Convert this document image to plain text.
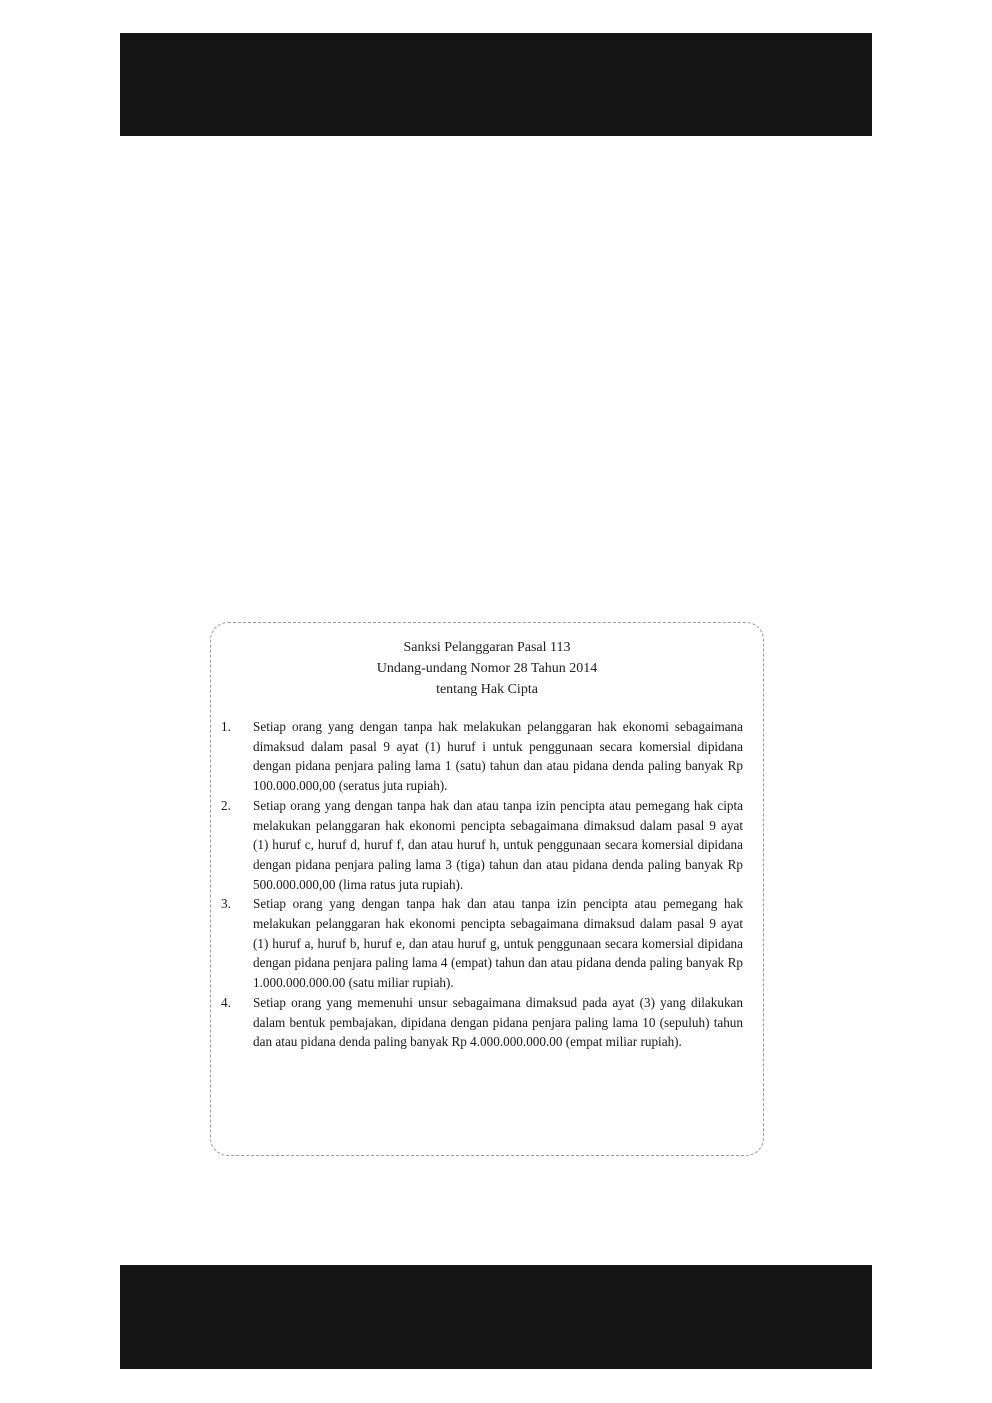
Sanksi Pelanggaran Pasal 113
Undang-undang Nomor 28 Tahun 2014
tentang Hak Cipta
1.	Setiap orang yang dengan tanpa hak melakukan pelanggaran hak ekonomi sebagaimana dimaksud dalam pasal 9 ayat (1) huruf i untuk penggunaan secara komersial dipidana dengan pidana penjara paling lama 1 (satu) tahun dan atau pidana denda paling banyak Rp 100.000.000,00 (seratus juta rupiah).
2.	Setiap orang yang dengan tanpa hak dan atau tanpa izin pencipta atau pemegang hak cipta melakukan pelanggaran hak ekonomi pencipta sebagaimana dimaksud dalam pasal 9 ayat (1) huruf c, huruf d, huruf f, dan atau huruf h, untuk penggunaan secara komersial dipidana dengan pidana penjara paling lama 3 (tiga) tahun dan atau pidana denda paling banyak Rp 500.000.000,00 (lima ratus juta rupiah).
3.	Setiap orang yang dengan tanpa hak dan atau tanpa izin pencipta atau pemegang hak melakukan pelanggaran hak ekonomi pencipta sebagaimana dimaksud dalam pasal 9 ayat (1) huruf a, huruf b, huruf e, dan atau huruf g, untuk penggunaan secara komersial dipidana dengan pidana penjara paling lama 4 (empat) tahun dan atau pidana denda paling banyak Rp 1.000.000.000.00 (satu miliar rupiah).
4.	Setiap orang yang memenuhi unsur sebagaimana dimaksud pada ayat (3) yang dilakukan dalam bentuk pembajakan, dipidana dengan pidana penjara paling lama 10 (sepuluh) tahun dan atau pidana denda paling banyak Rp 4.000.000.000.00 (empat miliar rupiah).
